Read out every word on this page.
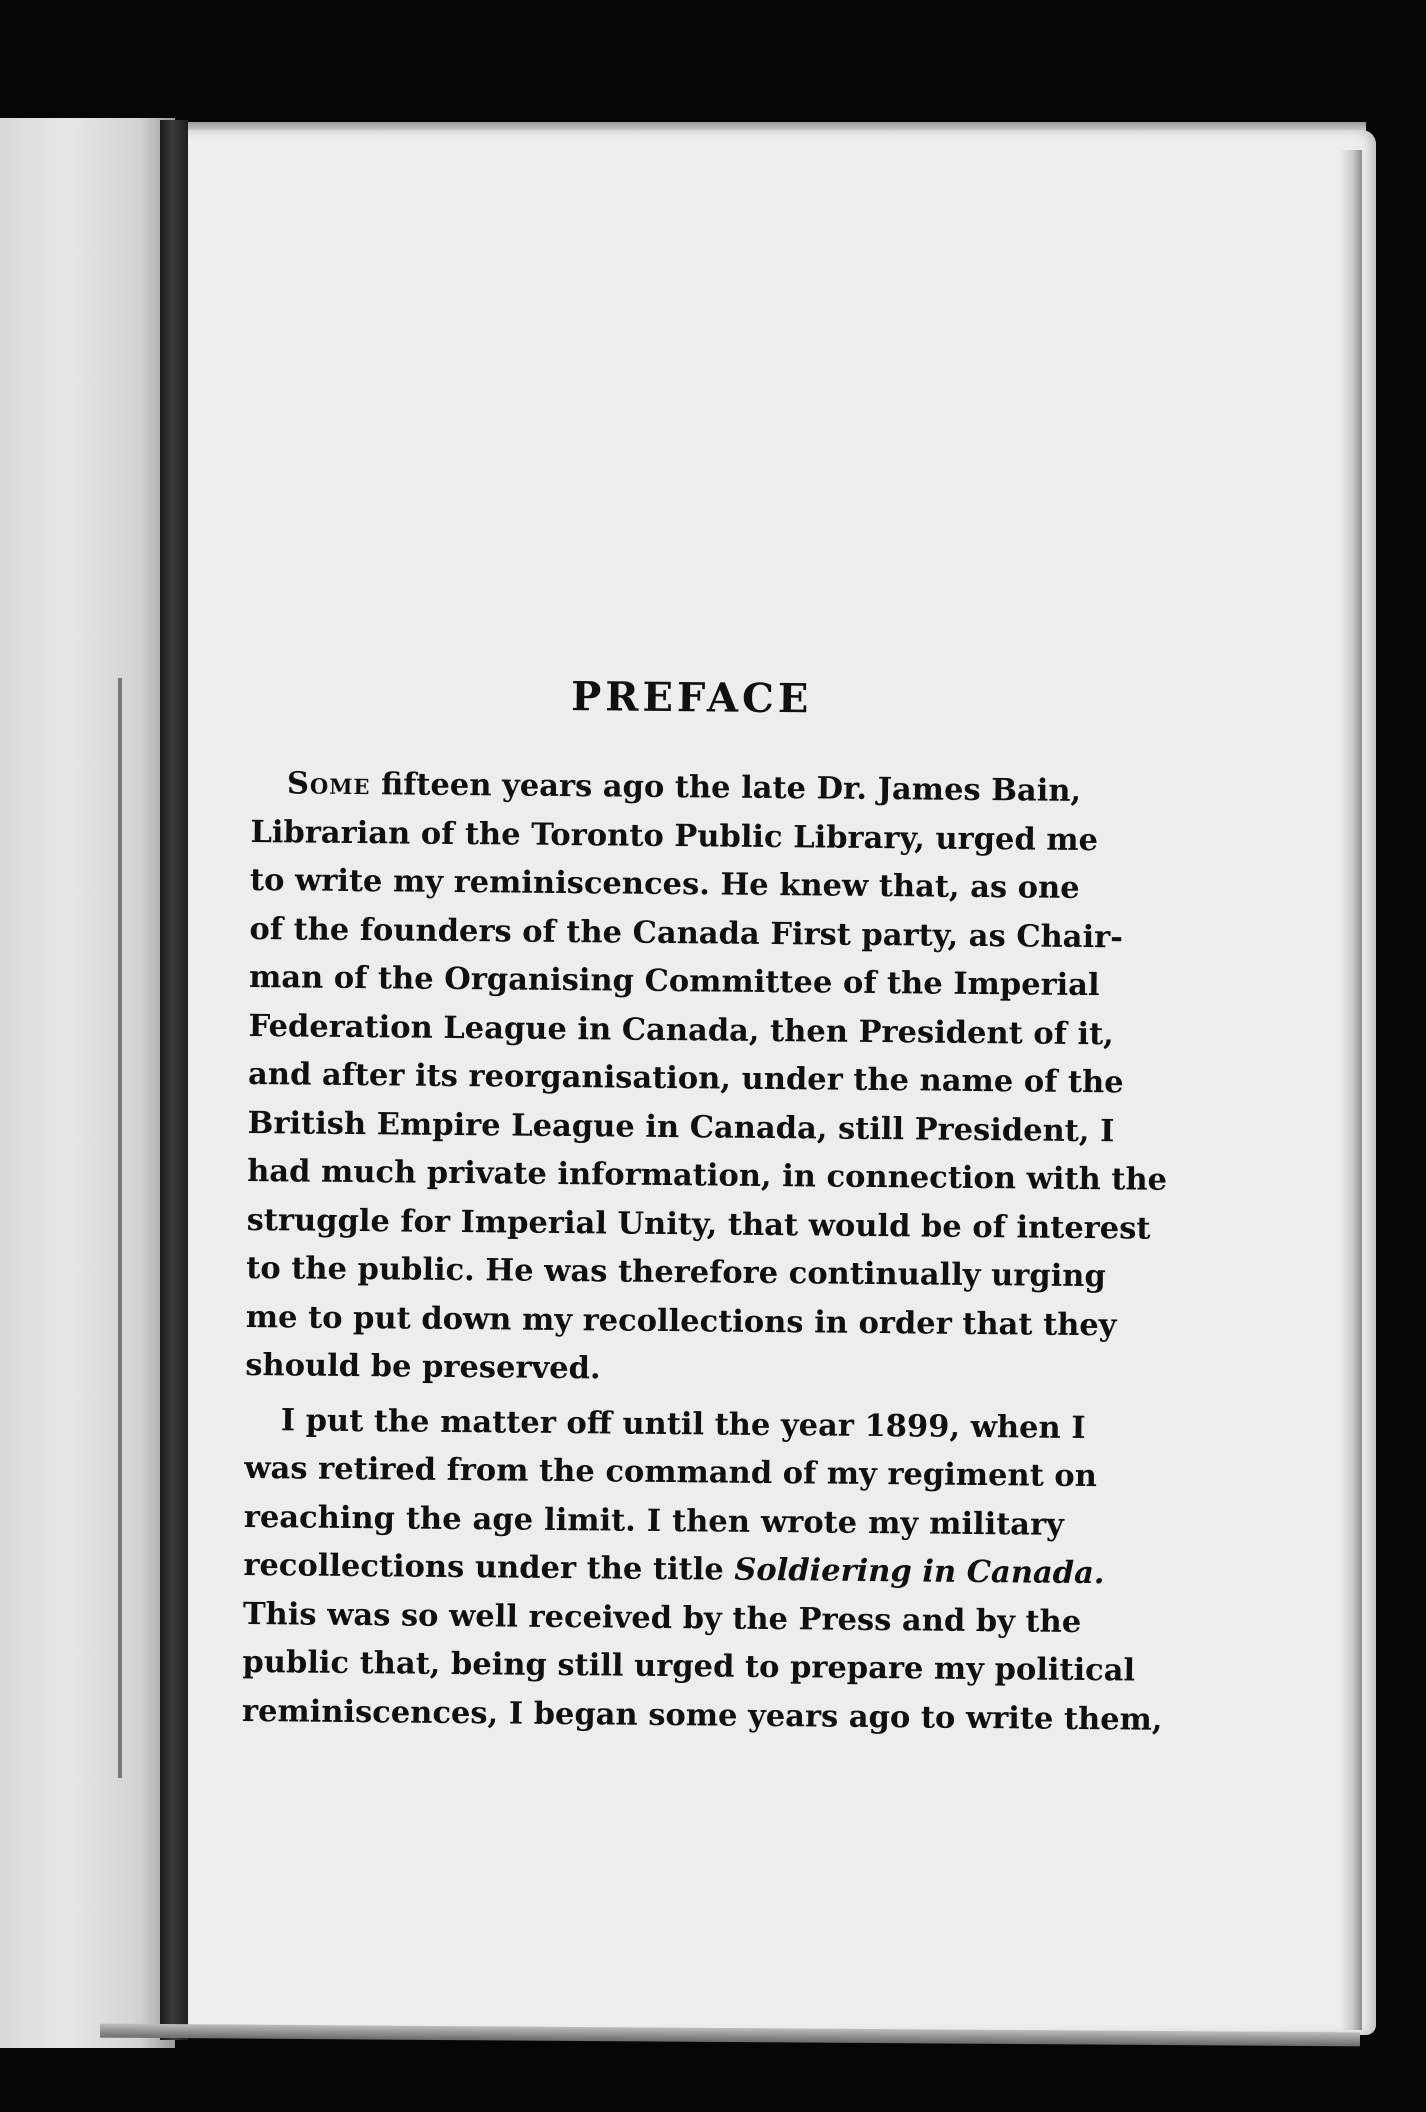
PREFACE

Some fifteen years ago the late Dr. James Bain,
Librarian of the Toronto Public Library, urged me
to write my reminiscences. He knew that, as one
of the founders of the Canada First party, as Chair-
man of the Organising Committee of the Imperial
Federation League in Canada, then President of it,
and after its reorganisation, under the name of the
British Empire League in Canada, still President, I
had much private information, in connection with the
struggle for Imperial Unity, that would be of interest
to the public. He was therefore continually urging
me to put down my recollections in order that they
should be preserved.

I put the matter off until the year 1899, when I
was retired from the command of my regiment on
reaching the age limit. I then wrote my military
recollections under the title Soldiering in Canada.
This was so well received by the Press and by the
public that, being still urged to prepare my political
reminiscences, I began some years ago to write them,
